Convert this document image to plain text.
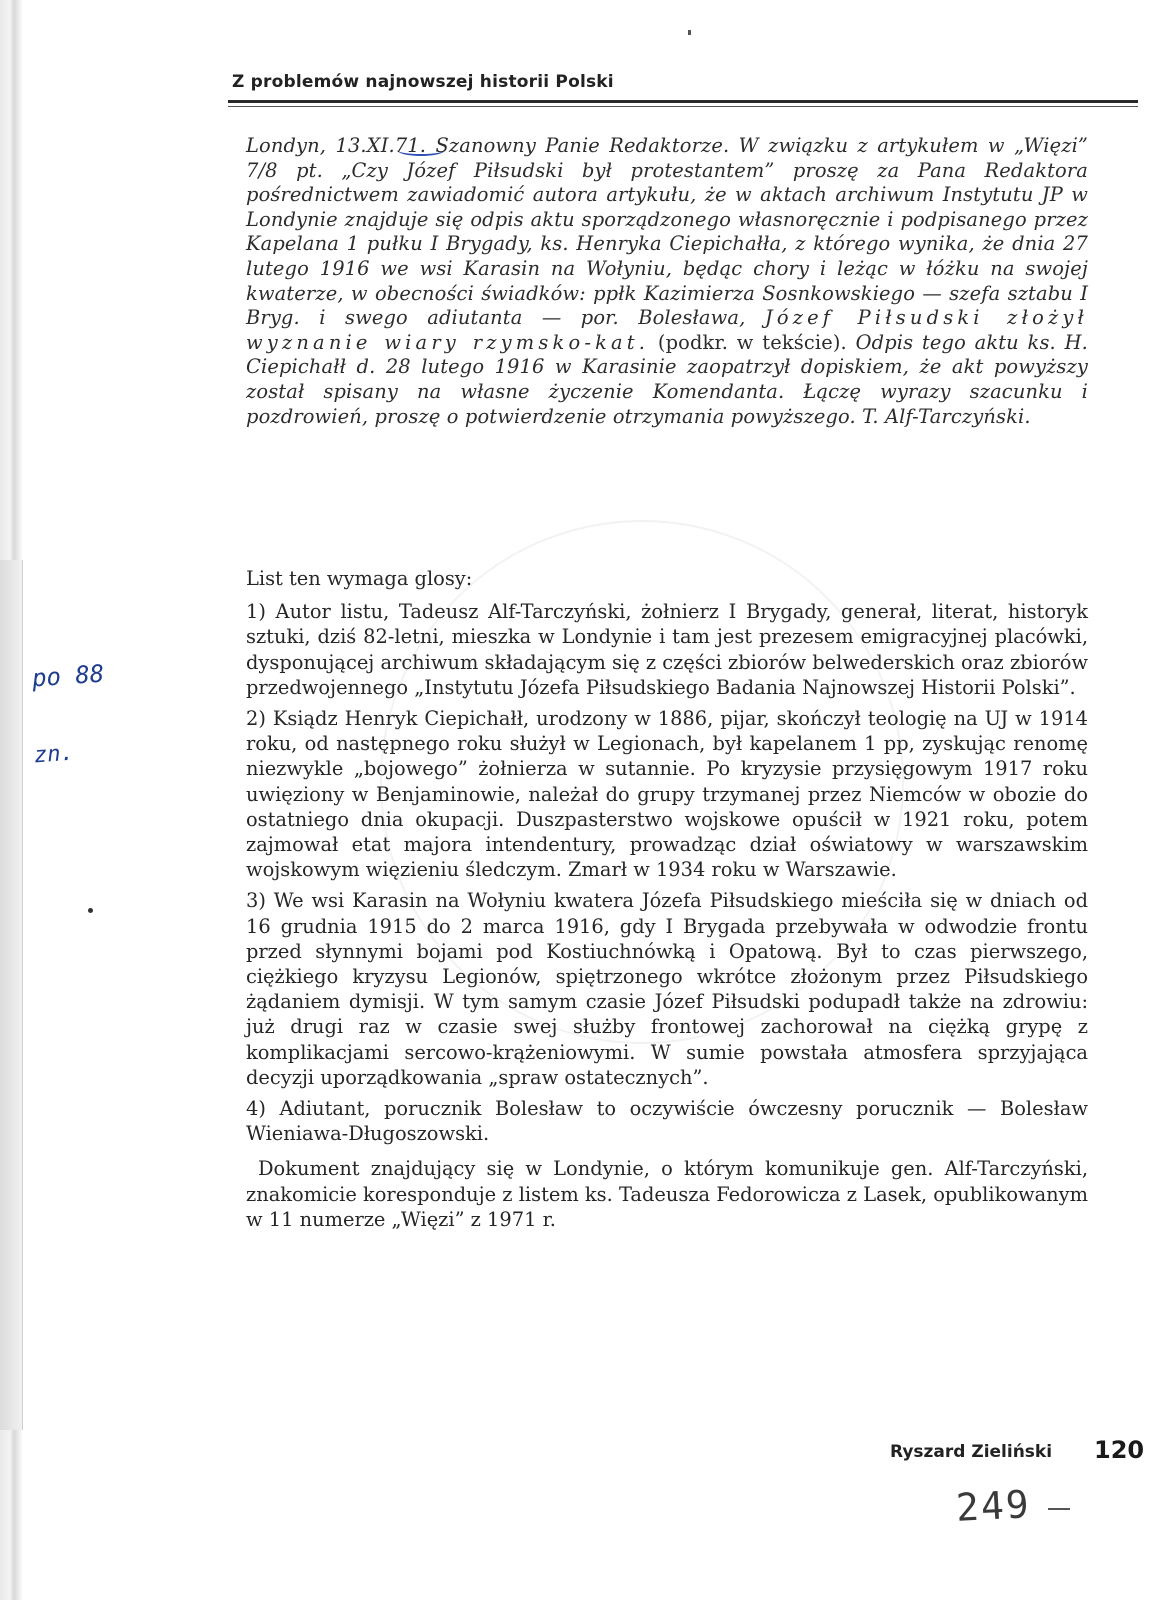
Z problemów najnowszej historii Polski
Londyn, 13.XI.71. Szanowny Panie Redaktorze. W związku z artykułem w „Więzi” 7/8 pt. „Czy Józef Piłsudski był protestantem” proszę za Pana Redaktora pośrednictwem zawiadomić autora artykułu, że w aktach archiwum Instytutu JP w Londynie znajduje się odpis aktu sporządzonego własnoręcznie i podpisanego przez Kapelana 1 pułku I Brygady, ks. Henryka Ciepichałła, z którego wynika, że dnia 27 lutego 1916 we wsi Karasin na Wołyniu, będąc chory i leżąc w łóżku na swojej kwaterze, w obecności świadków: ppłk Kazimierza Sosnkowskiego — szefa sztabu I Bryg. i swego adiutanta — por. Bolesława, Józef Piłsudski złożył wyznanie wiary rzymsko-kat. (podkr. w tekście). Odpis tego aktu ks. H. Ciepichałł d. 28 lutego 1916 w Karasinie zaopatrzył dopiskiem, że akt powyższy został spisany na własne życzenie Komendanta. Łączę wyrazy szacunku i pozdrowień, proszę o potwierdzenie otrzymania powyższego. T. Alf-Tarczyński.

List ten wymaga glosy:

1) Autor listu, Tadeusz Alf-Tarczyński, żołnierz I Brygady, generał, literat, historyk sztuki, dziś 82-letni, mieszka w Londynie i tam jest prezesem emigracyjnej placówki, dysponującej archiwum składającym się z części zbiorów belwederskich oraz zbiorów przedwojennego „Instytutu Józefa Piłsudskiego Badania Najnowszej Historii Polski”.

2) Ksiądz Henryk Ciepichałł, urodzony w 1886, pijar, skończył teologię na UJ w 1914 roku, od następnego roku służył w Legionach, był kapelanem 1 pp, zyskując renomę niezwykle „bojowego” żołnierza w sutannie. Po kryzysie przysięgowym 1917 roku uwięziony w Benjaminowie, należał do grupy trzymanej przez Niemców w obozie do ostatniego dnia okupacji. Duszpasterstwo wojskowe opuścił w 1921 roku, potem zajmował etat majora intendentury, prowadząc dział oświatowy w warszawskim wojskowym więzieniu śledczym. Zmarł w 1934 roku w Warszawie.

3) We wsi Karasin na Wołyniu kwatera Józefa Piłsudskiego mieściła się w dniach od 16 grudnia 1915 do 2 marca 1916, gdy I Brygada przebywała w odwodzie frontu przed słynnymi bojami pod Kostiuchnówką i Opatową. Był to czas pierwszego, ciężkiego kryzysu Legionów, spiętrzonego wkrótce złożonym przez Piłsudskiego żądaniem dymisji. W tym samym czasie Józef Piłsudski podupadł także na zdrowiu: już drugi raz w czasie swej służby frontowej zachorował na ciężką grypę z komplikacjami sercowo-krążeniowymi. W sumie powstała atmosfera sprzyjająca decyzji uporządkowania „spraw ostatecznych”.

4) Adiutant, porucznik Bolesław to oczywiście ówczesny porucznik — Bolesław Wieniawa-Długoszowski.

Dokument znajdujący się w Londynie, o którym komunikuje gen. Alf-Tarczyński, znakomicie koresponduje z listem ks. Tadeusza Fedorowicza z Lasek, opublikowanym w 11 numerze „Więzi” z 1971 r.

po 88
zn.
Ryszard Zieliński 120
249
